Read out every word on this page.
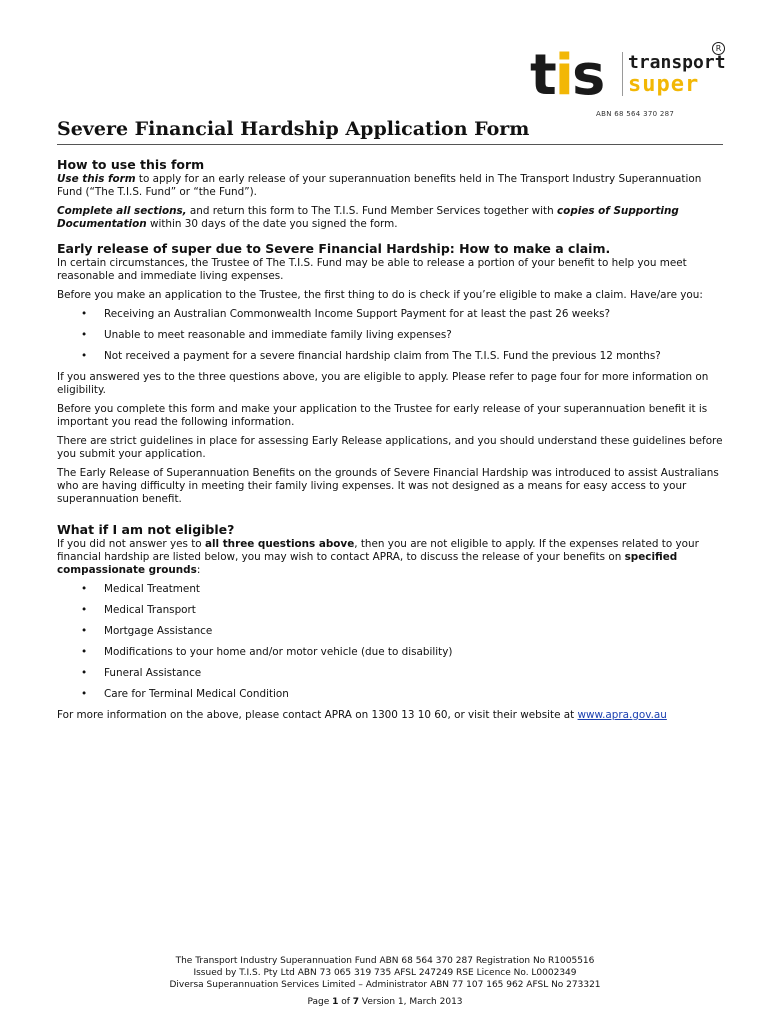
tis transport
super
R
ABN 68 564 370 287
Severe Financial Hardship Application Form
How to use this form

Use this form to apply for an early release of your superannuation benefits held in The Transport Industry Superannuation Fund (“The T.I.S. Fund” or “the Fund”).

Complete all sections, and return this form to The T.I.S. Fund Member Services together with copies of Supporting Documentation within 30 days of the date you signed the form.

Early release of super due to Severe Financial Hardship: How to make a claim.

In certain circumstances, the Trustee of The T.I.S. Fund may be able to release a portion of your benefit to help you meet reasonable and immediate living expenses.

Before you make an application to the Trustee, the first thing to do is check if you’re eligible to make a claim. Have/are you:

• Receiving an Australian Commonwealth Income Support Payment for at least the past 26 weeks?
• Unable to meet reasonable and immediate family living expenses?
• Not received a payment for a severe financial hardship claim from The T.I.S. Fund the previous 12 months?

If you answered yes to the three questions above, you are eligible to apply. Please refer to page four for more information on eligibility.

Before you complete this form and make your application to the Trustee for early release of your superannuation benefit it is important you read the following information.

There are strict guidelines in place for assessing Early Release applications, and you should understand these guidelines before you submit your application.

The Early Release of Superannuation Benefits on the grounds of Severe Financial Hardship was introduced to assist Australians who are having difficulty in meeting their family living expenses. It was not designed as a means for easy access to your superannuation benefit.

What if I am not eligible?

If you did not answer yes to all three questions above, then you are not eligible to apply. If the expenses related to your financial hardship are listed below, you may wish to contact APRA, to discuss the release of your benefits on specified compassionate grounds:

• Medical Treatment
• Medical Transport
• Mortgage Assistance
• Modifications to your home and/or motor vehicle (due to disability)
• Funeral Assistance
• Care for Terminal Medical Condition

For more information on the above, please contact APRA on 1300 13 10 60, or visit their website at www.apra.gov.au

The Transport Industry Superannuation Fund ABN 68 564 370 287 Registration No R1005516

Issued by T.I.S. Pty Ltd ABN 73 065 319 735 AFSL 247249 RSE Licence No. L0002349

Diversa Superannuation Services Limited – Administrator ABN 77 107 165 962 AFSL No 273321

Page 1 of 7 Version 1, March 2013
